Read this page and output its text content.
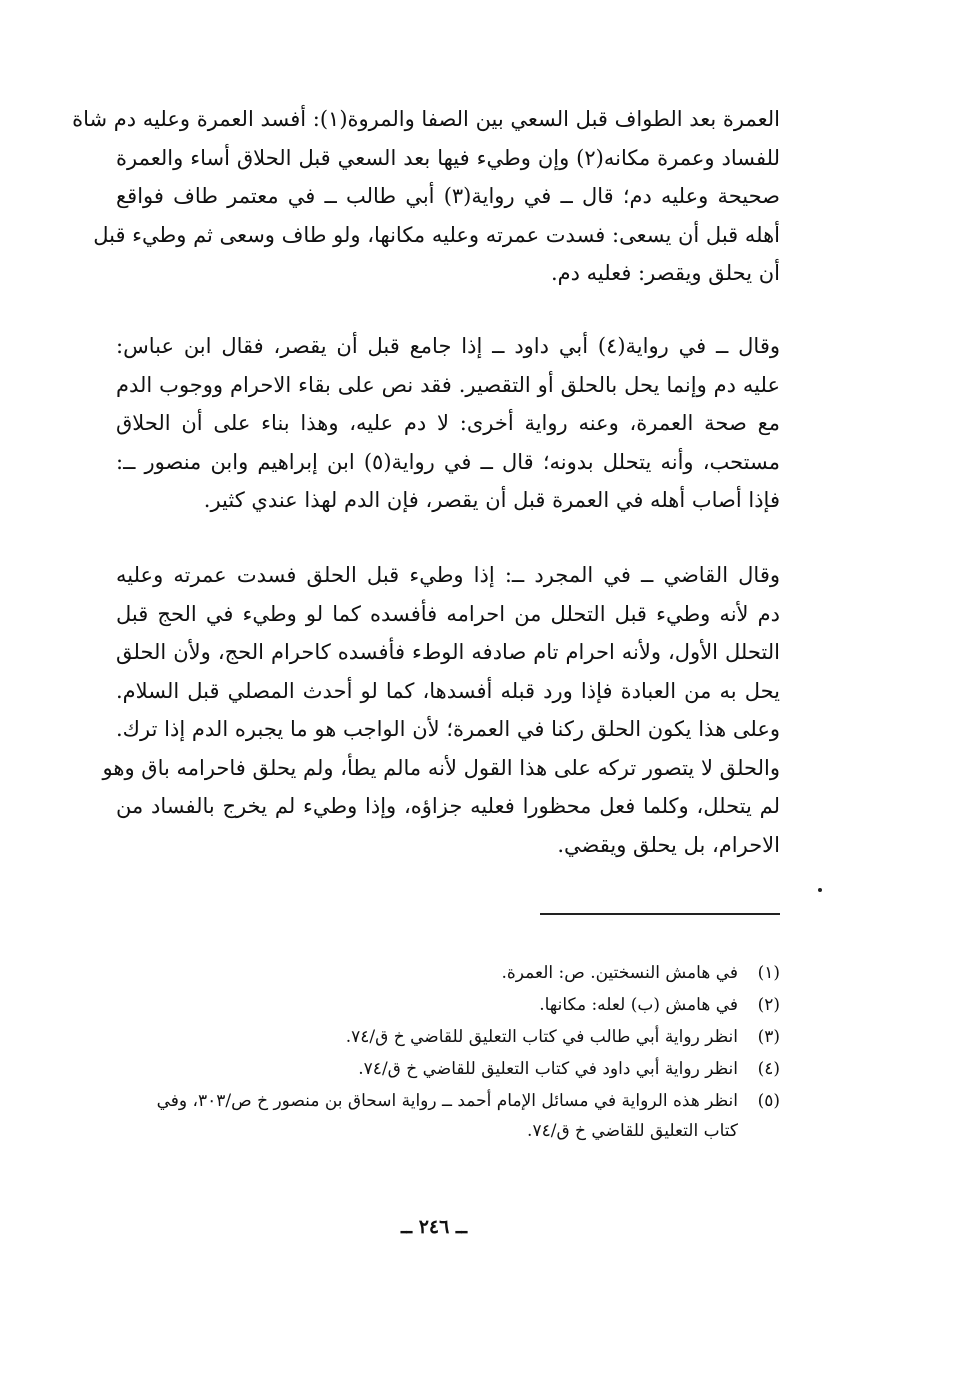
العمرة بعد الطواف قبل السعي بين الصفا والمروة(١): أفسد العمرة وعليه دم شاة
للفساد وعمرة مكانه(٢) وإن وطيء فيها بعد السعي قبل الحلاق أساء والعمرة
صحيحة وعليه دم؛ قال ــ في رواية(٣) أبي طالب ــ في معتمر طاف فواقع
أهله قبل أن يسعى: فسدت عمرته وعليه مكانها، ولو طاف وسعى ثم وطيء قبل
أن يحلق ويقصر: فعليه دم.
وقال ــ في رواية(٤) أبي داود ــ إذا جامع قبل أن يقصر، فقال ابن عباس:
عليه دم وإنما يحل بالحلق أو التقصير. فقد نص على بقاء الاحرام ووجوب الدم
مع صحة العمرة، وعنه رواية أخرى: لا دم عليه، وهذا بناء على أن الحلاق
مستحب، وأنه يتحلل بدونه؛ قال ــ في رواية(٥) ابن إبراهيم وابن منصور ــ:
فإذا أصاب أهله في العمرة قبل أن يقصر، فإن الدم لهذا عندي كثير.
وقال القاضي ــ في المجرد ــ: إذا وطيء قبل الحلق فسدت عمرته وعليه
دم لأنه وطيء قبل التحلل من احرامه فأفسده كما لو وطيء في الحج قبل
التحلل الأول، ولأنه احرام تام صادفه الوطء فأفسده كاحرام الحج، ولأن الحلق
يحل به من العبادة فإذا ورد قبله أفسدها، كما لو أحدث المصلي قبل السلام.
وعلى هذا يكون الحلق ركنا في العمرة؛ لأن الواجب هو ما يجبره الدم إذا ترك.
والحلق لا يتصور تركه على هذا القول لأنه مالم يطأ، ولم يحلق فاحرامه باق وهو
لم يتحلل، وكلما فعل محظورا فعليه جزاؤه، وإذا وطيء لم يخرج بالفساد من
الاحرام، بل يحلق ويقضي.
(١)
في هامش النسختين. ص: العمرة.
(٢)
في هامش (ب) لعله: مكانها.
(٣)
انظر رواية أبي طالب في كتاب التعليق للقاضي خ ق/٧٤.
(٤)
انظر رواية أبي داود في كتاب التعليق للقاضي خ ق/٧٤.
(٥)
انظر هذه الرواية في مسائل الإمام أحمد ــ رواية اسحاق بن منصور خ ص/٣٠٣، وفي كتاب التعليق للقاضي خ ق/٧٤.
ــ ٢٤٦ ــ
